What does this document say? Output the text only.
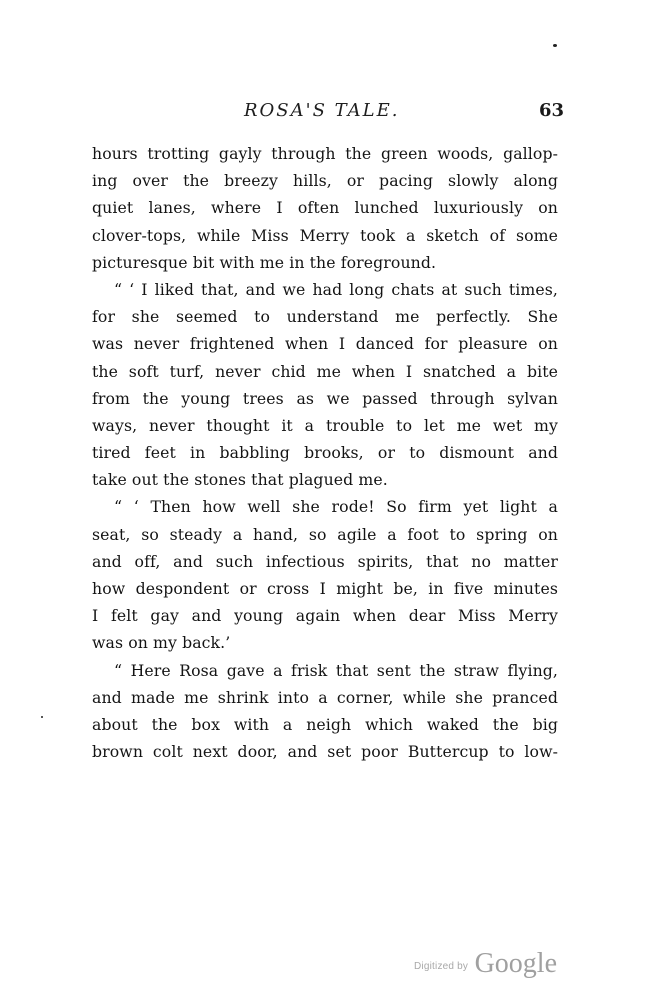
ROSA'S TALE.	63
hours trotting gayly through the green woods, gallop-
ing over the breezy hills, or pacing slowly along
quiet lanes, where I often lunched luxuriously on
clover-tops, while Miss Merry took a sketch of some
picturesque bit with me in the foreground.
“ ‘ I liked that, and we had long chats at such times,
for she seemed to understand me perfectly. She
was never frightened when I danced for pleasure on
the soft turf, never chid me when I snatched a bite
from the young trees as we passed through sylvan
ways, never thought it a trouble to let me wet my
tired feet in babbling brooks, or to dismount and
take out the stones that plagued me.
“ ‘ Then how well she rode! So firm yet light a
seat, so steady a hand, so agile a foot to spring on
and off, and such infectious spirits, that no matter
how despondent or cross I might be, in five minutes
I felt gay and young again when dear Miss Merry
was on my back.’
“ Here Rosa gave a frisk that sent the straw flying,
and made me shrink into a corner, while she pranced
about the box with a neigh which waked the big
brown colt next door, and set poor Buttercup to low-
Digitized by Google
